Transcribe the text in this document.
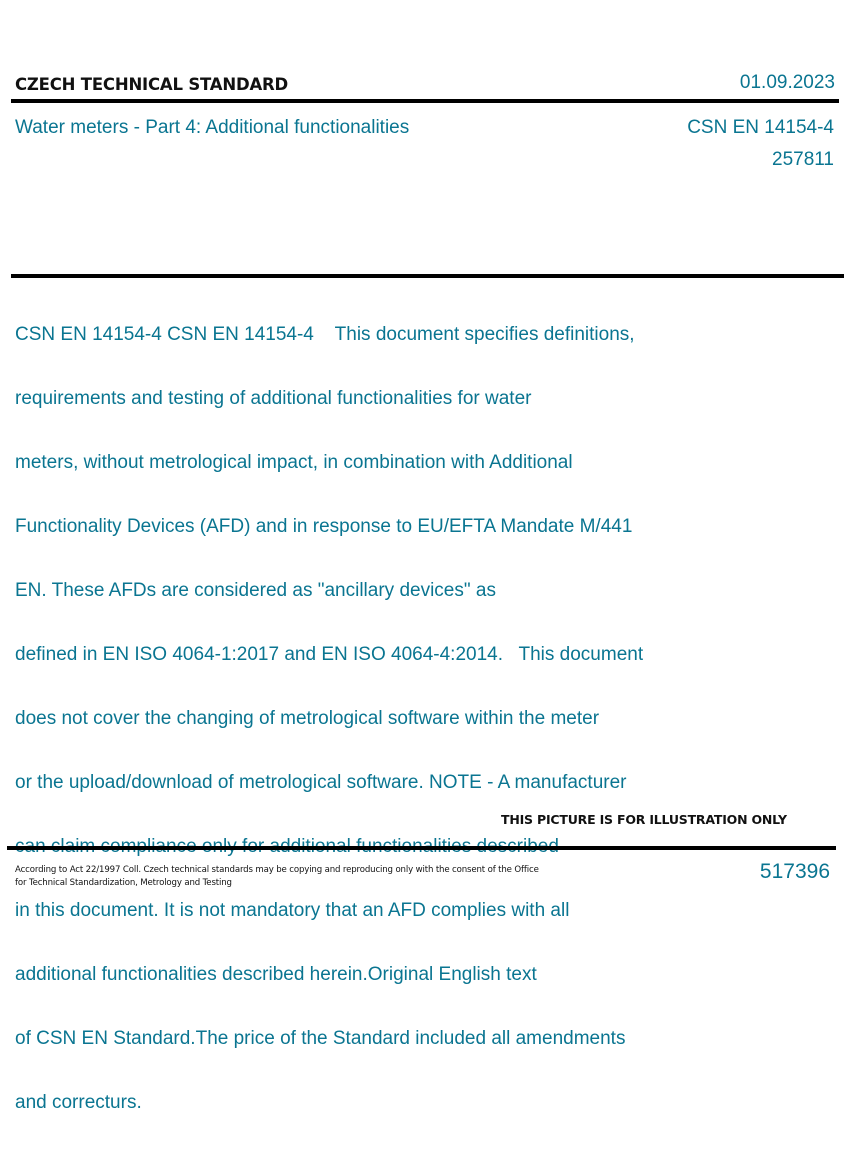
CZECH TECHNICAL STANDARD	01.09.2023
Water meters - Part 4: Additional functionalities	CSN EN 14154-4
257811

CSN EN 14154-4 CSN EN 14154-4    This document specifies definitions,

requirements and testing of additional functionalities for water

meters, without metrological impact, in combination with Additional

Functionality Devices (AFD) and in response to EU/EFTA Mandate M/441

EN. These AFDs are considered as "ancillary devices" as

defined in EN ISO 4064-1:2017 and EN ISO 4064-4:2014.   This document

does not cover the changing of metrological software within the meter

or the upload/download of metrological software. NOTE - A manufacturer

in this document. It is not mandatory that an AFD complies with all

additional functionalities described herein.Original English text

of CSN EN Standard.The price of the Standard included all amendments

and correcturs.

THIS PICTURE IS FOR ILLUSTRATION ONLY
According to Act 22/1997 Coll. Czech technical standards may be copying and reproducing only with the consent of the Office
for Technical Standardization, Metrology and Testing	517396
